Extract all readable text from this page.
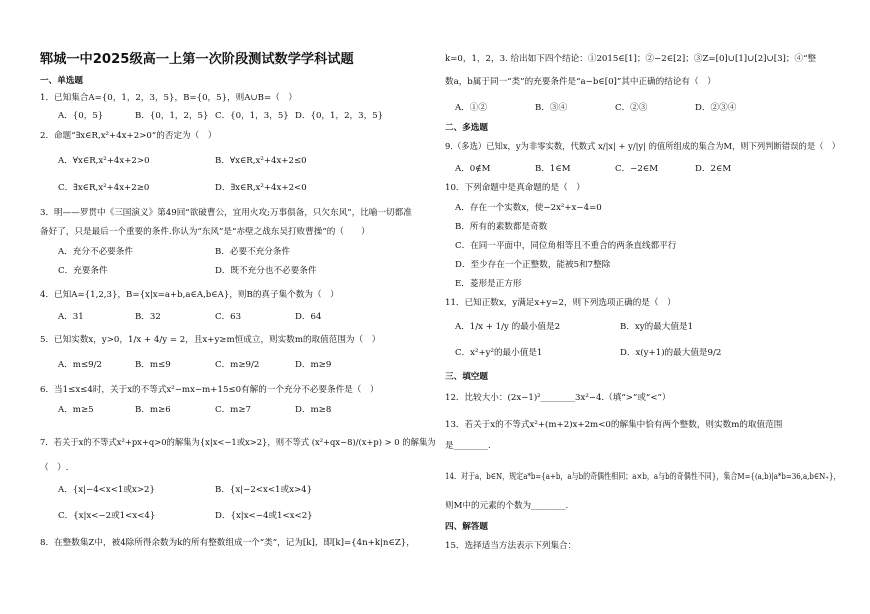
郓城一中2025级高一上第一次阶段测试数学学科试题
一、单选题
1．已知集合A={0，1，2，3，5}，B={0，5}，则A∪B=（　）
A．{0，5}	B．{0，1，2，5} C．{0，1，3，5} D．{0，1，2，3，5}
2．命题“∃x∈R,x²+4x+2>0”的否定为（　）
A．∀x∈R,x²+4x+2>0	B．∀x∈R,x²+4x+2≤0
C．∃x∈R,x²+4x+2≥0	D．∃x∈R,x²+4x+2<0
3．明——罗贯中《三国演义》第49回“欲破曹公，宜用火攻;万事俱备，只欠东风”，比喻一切都准
备好了，只是最后一个重要的条件.你认为“东风”是“赤壁之战东吴打败曹操”的（　　）
A．充分不必要条件	B．必要不充分条件
C．充要条件	D．既不充分也不必要条件
4．已知A={1,2,3}，B={x|x=a+b,a∈A,b∈A}，则B的真子集个数为（　）
A．31	B．32	C．63	D．64
5．已知实数x，y>0，1/x + 4/y = 2，且x+y≥m恒成立，则实数m的取值范围为（　）
A．m≤9/2	B．m≤9	C．m≥9/2	D．m≥9
6．当1≤x≤4时，关于x的不等式x²−mx−m+15≤0有解的一个充分不必要条件是（　）
A．m≥5	B．m≥6	C．m≥7	D．m≥8
7．若关于x的不等式x²+px+q>0的解集为{x|x<−1或x>2}，则不等式 (x²+qx−8)/(x+p) > 0 的解集为
（　）.
A．{x|−4<x<1或x>2}	B．{x|−2<x<1或x>4}
C．{x|x<−2或1<x<4}	D．{x|x<−4或1<x<2}
8．在整数集Z中，被4除所得余数为k的所有整数组成一个“类”，记为[k]，即[k]={4n+k|n∈Z}，
k=0，1，2，3. 给出如下四个结论：①2015∈[1]；②−2∈[2]；③Z=[0]∪[1]∪[2]∪[3]；④“整
数a，b属于同一“类”的充要条件是“a−b∈[0]”其中正确的结论有（　）
A．①②	B．③④	C．②③	D．②③④
二、多选题
9.（多选）已知x，y为非零实数，代数式 x/|x| + y/|y| 的值所组成的集合为M，则下列判断错误的是（　）
A．0∉M	B．1∈M	C．−2∈M	D．2∈M
10．下列命题中是真命题的是（　）
A．存在一个实数x，使−2x²+x−4=0
B．所有的素数都是奇数
C．在同一平面中，同位角相等且不重合的两条直线都平行
D．至少存在一个正整数，能被5和7整除
E．菱形是正方形
11．已知正数x，y满足x+y=2，则下列选项正确的是（　）
A．1/x + 1/y 的最小值是2	B．xy的最大值是1
C．x²+y²的最小值是1	D．x(y+1)的最大值是9/2
三、填空题
12．比较大小：(2x−1)²________3x²−4.（填“>”或“<”）
13．若关于x的不等式x²+(m+2)x+2m<0的解集中恰有两个整数，则实数m的取值范围
是________.
14．对于a，b∈N，规定a*b={a+b，a与b的奇偶性相同；a×b，a与b的奇偶性不同}，集合M={(a,b)|a*b=36,a,b∈N₊}，
则M中的元素的个数为________.
四、解答题
15．选择适当方法表示下列集合：
